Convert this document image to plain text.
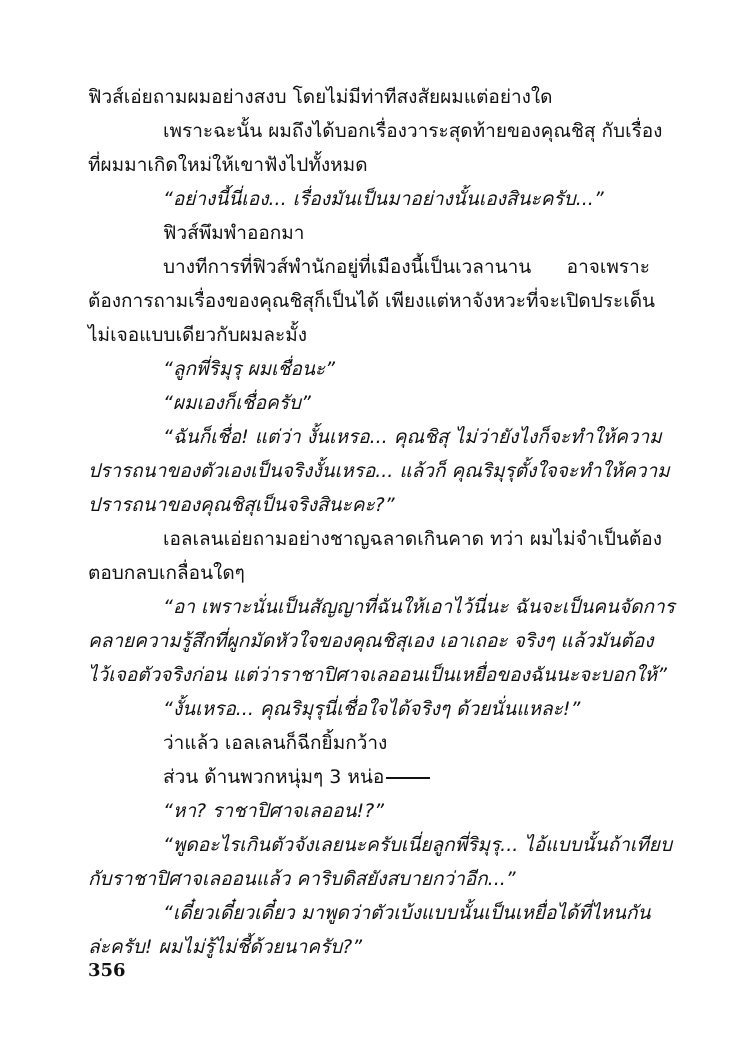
ฟิวส์เอ่ยถามผมอย่างสงบ โดยไม่มีท่าทีสงสัยผมแต่อย่างใด
เพราะฉะนั้น ผมถึงได้บอกเรื่องวาระสุดท้ายของคุณชิสุ กับเรื่อง
ที่ผมมาเกิดใหม่ให้เขาฟังไปทั้งหมด
“อย่างนี้นี่เอง... เรื่องมันเป็นมาอย่างนั้นเองสินะครับ...”
ฟิวส์พึมพำออกมา
บางทีการที่ฟิวส์พำนักอยู่ที่เมืองนี้เป็นเวลานาน อาจเพราะ
ต้องการถามเรื่องของคุณชิสุก็เป็นได้ เพียงแต่หาจังหวะที่จะเปิดประเด็น
ไม่เจอแบบเดียวกับผมละมั้ง
“ลูกพี่ริมุรุ ผมเชื่อนะ”
“ผมเองก็เชื่อครับ”
“ฉันก็เชื่อ! แต่ว่า งั้นเหรอ... คุณชิสุ ไม่ว่ายังไงก็จะทำให้ความ
ปรารถนาของตัวเองเป็นจริงงั้นเหรอ... แล้วก็ คุณริมุรุตั้งใจจะทำให้ความ
ปรารถนาของคุณชิสุเป็นจริงสินะคะ?”
เอลเลนเอ่ยถามอย่างชาญฉลาดเกินคาด ทว่า ผมไม่จำเป็นต้อง
ตอบกลบเกลื่อนใดๆ
“อา เพราะนั่นเป็นสัญญาที่ฉันให้เอาไว้นี่นะ ฉันจะเป็นคนจัดการ
คลายความรู้สึกที่ผูกมัดหัวใจของคุณชิสุเอง เอาเถอะ จริงๆ แล้วมันต้อง
ไว้เจอตัวจริงก่อน แต่ว่าราชาปิศาจเลออนเป็นเหยื่อของฉันนะจะบอกให้”
“งั้นเหรอ... คุณริมุรุนี่เชื่อใจได้จริงๆ ด้วยนั่นแหละ!”
ว่าแล้ว เอลเลนก็ฉีกยิ้มกว้าง
ส่วน ด้านพวกหนุ่มๆ 3 หน่อ
“หา? ราชาปิศาจเลออน!?”
“พูดอะไรเกินตัวจังเลยนะครับเนี่ยลูกพี่ริมุรุ... ไอ้แบบนั้นถ้าเทียบ
กับราชาปิศาจเลออนแล้ว คาริบดิสยังสบายกว่าอีก...”
“เดี๋ยวเดี๋ยวเดี๋ยว มาพูดว่าตัวเบ้งแบบนั้นเป็นเหยื่อได้ที่ไหนกัน
ล่ะครับ! ผมไม่รู้ไม่ชี้ด้วยนาครับ?”
356
